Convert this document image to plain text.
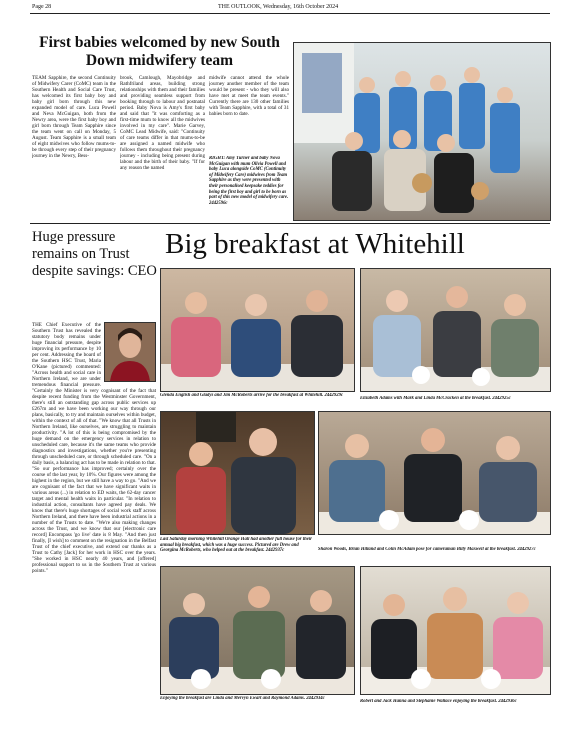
Page 28	THE OUTLOOK, Wednesday, 16th October 2024
First babies welcomed by new South Down midwifery team
TEAM Sapphire, the second Continuity of Midwifery Carer (CoMC) team in the Southern Health and Social Care Trust, has welcomed its first baby boy and baby girl born through this new expanded model of care. Luca Powell and Neva McGuigan, both from the Newry area, were the first baby boy and girl born through Team Sapphire since the team went on call on Monday, 5 August. Team Sapphire is a small team of eight midwives who follow mums-to-be through every step of their pregnancy journey in the Newry, Bess-
brook, Camlough, Mayobridge and Rathfriland areas, building strong relationships with them and their families and providing seamless support from booking through to labour and postnatal period. Baby Nova is Amy's first baby and said that "it was comforting as a first-time mum to know all the midwives involved in my care". Marie Garvey, CoMC Lead Midwife, said: "Continuity of care teams differ in that mums-to-be are assigned a named midwife who follows them throughout their pregnancy journey - including being present during labour and the birth of their baby. "If for any reason the named
midwife cannot attend the whole journey another member of the team would be present - who they will also have met at meet the team events." Currently there are 130 other families with Team Sapphire, with a total of 31 babies born to date.
RIGHT: Amy Turner and baby Nova McGuigan with mum Olivia Powell and baby Luca alongside CoMC (Continuity of Midwifery Care) midwives from Team Sapphire as they were presented with their personalised keepsake teddies for being the first boy and girl to be born as part of this new model of midwifery care. 2442596c
Huge pressure remains on Trust despite savings: CEO
THE Chief Executive of the Southern Trust has revealed the statutory body remains under huge financial pressure, despite improving its performance by 10 per cent. Addressing the board of the Southern HSC Trust, Maria O'Kane (pictured) commented: "Across health and social care in Northern Ireland, we are under tremendous financial pressure. "Certainly the Minister is very cognisant of the fact that despite recent funding from the Westminster Government, there's still an outstanding gap across public services up £267m and we have been working our way through our plans, basically, to try and maintain ourselves within budget, within the context of all of that. "We know that all Trusts in Northern Ireland, like ourselves, are struggling to maintain productivity. "A lot of this is being compromised by the huge demand on the emergency services in relation to unscheduled care, because it's the same teams who provide diagnostics and investigations, whether you're presenting through unscheduled care, or through scheduled care. "On a daily basis, a balancing act has to be made in relation to that. "So our performance has improved; certainly over the course of the last year, by 10%. Our figures were among the highest in the region, but we still have a way to go. "And we are cognisant of the fact that we have significant waits in various areas (...) in relation to ED waits, the 62-day cancer target and mental health waits in particular. "In relation to industrial action, consultants have agreed pay deals. We know that there's huge shortages of social work staff across Northern Ireland, and there have been industrial actions in a number of the Trusts to date. "We're also making changes across the Trust, and we know that our [electronic care record] Encompass 'go live' date is 8 May. "And then just finally, [I wish] to comment on the resignation in the Belfast Trust of the chief executive, and extend our thanks as a Trust to Cathy [Jack] for her work in HSC over the years. "She worked in HSC nearly 40 years, and [offered] professional support to us in the Southern Trust at various points."
Big breakfast at Whitehill
Glenda English and Gladys and Jim McRoberts arrive for the breakfast at Whitehill. 2442929c
Elizabeth Adams with Mark and Linda McCracken at the breakfast. 2442925c
Last Saturday morning Whitehill Orange Hall had another full house for their annual big breakfast, which was a huge success. Pictured are Drew and Georgina McRoberts, who helped out at the breakfast. 2442937c	Sharon Woods, Brian Hilland and Colin McAdam pose for cameraman Billy Maxwell at the breakfast. 2442927c
Enjoying the breakfast are Linda and Mervyn Ewart and Raymond Adams. 2442934c
Robert and Jack Hanna and Stephanie Wallace enjoying the breakfast. 2442936c
